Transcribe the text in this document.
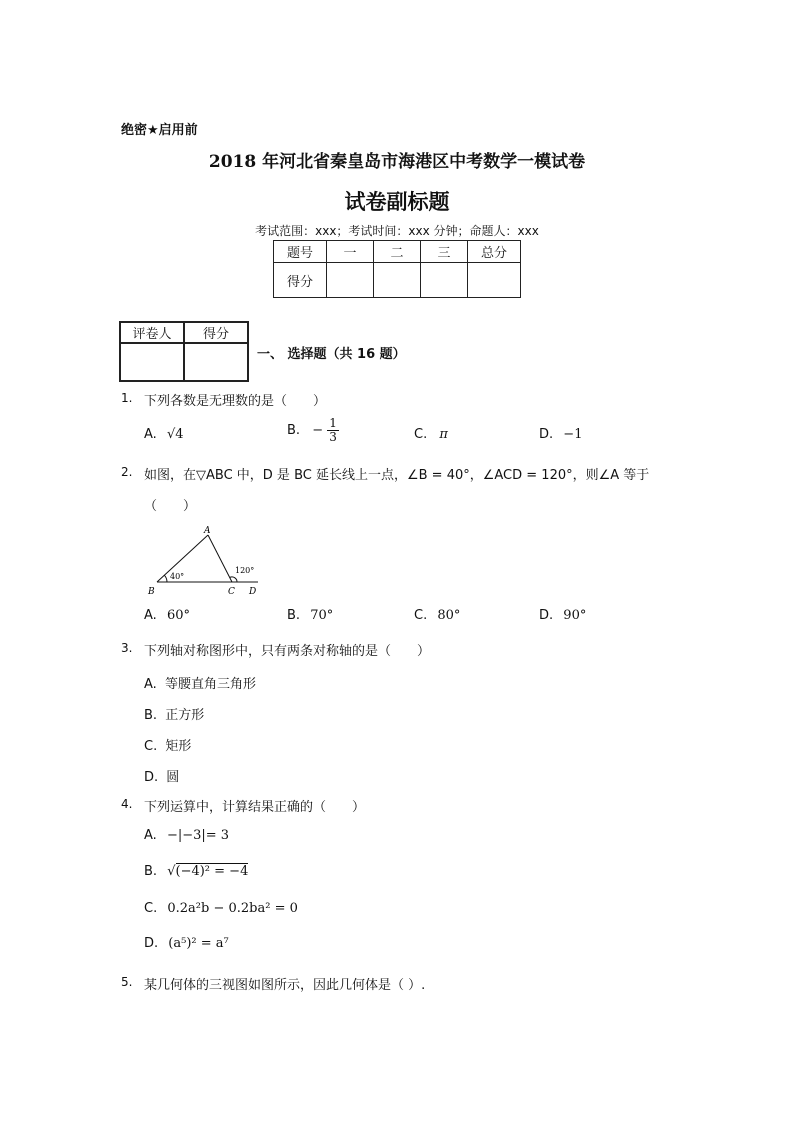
绝密★启用前
2018 年河北省秦皇岛市海港区中考数学一模试卷
试卷副标题
考试范围：xxx；考试时间：xxx 分钟；命题人：xxx
题号	一	二	三	总分
得分				
评卷人	得分

一、 选择题（共 16 题）
1. 下列各数是无理数的是（　　）
A. √4	B. − $\frac{1}{3}$	C. π	D. −1
2. 如图，在▽ABC 中，D 是 BC 延长线上一点，∠B = 40°，∠ACD = 120°，则∠A 等于
（　　）
A
B	C D
40°
120°
A. 60°	B. 70°	C. 80°	D. 90°
3. 下列轴对称图形中，只有两条对称轴的是（　　）
A. 等腰直角三角形
B. 正方形
C. 矩形
D. 圆
4. 下列运算中，计算结果正确的（　　）
A. −|−3|= 3
B. √(−4)² = −4
C. 0.2a²b − 0.2ba² = 0
D. (a⁵)² = a⁷
5. 某几何体的三视图如图所示，因此几何体是（ ）.
